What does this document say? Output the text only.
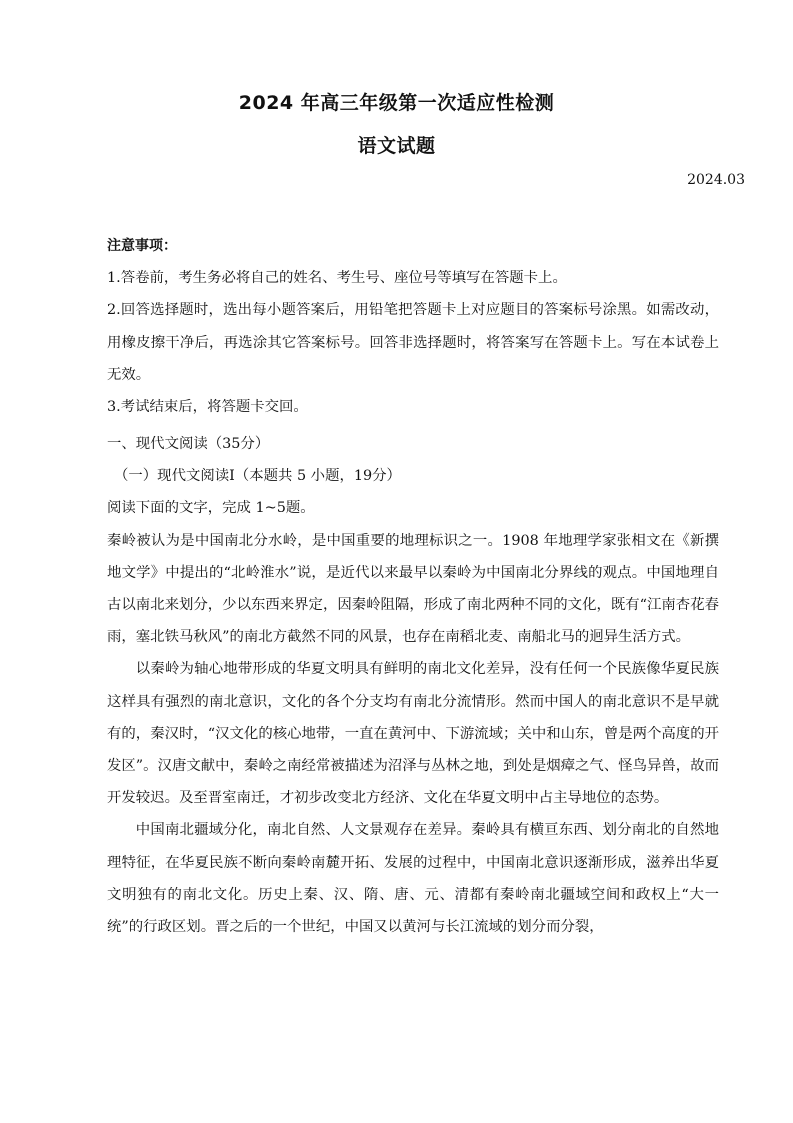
2024 年高三年级第一次适应性检测
语文试题
2024.03

注意事项：

1.答卷前，考生务必将自己的姓名、考生号、座位号等填写在答题卡上。

2.回答选择题时，选出每小题答案后，用铅笔把答题卡上对应题目的答案标号涂黑。如需改动，用橡皮擦干净后，再选涂其它答案标号。回答非选择题时，将答案写在答题卡上。写在本试卷上无效。

3.考试结束后，将答题卡交回。

一、现代文阅读（35分）

（一）现代文阅读Ⅰ（本题共 5 小题，19分）

阅读下面的文字，完成 1~5题。

秦岭被认为是中国南北分水岭，是中国重要的地理标识之一。1908 年地理学家张相文在《新撰地文学》中提出的“北岭淮水”说，是近代以来最早以秦岭为中国南北分界线的观点。中国地理自古以南北来划分，少以东西来界定，因秦岭阻隔，形成了南北两种不同的文化，既有“江南杏花春雨，塞北铁马秋风”的南北方截然不同的风景，也存在南稻北麦、南船北马的迥异生活方式。

以秦岭为轴心地带形成的华夏文明具有鲜明的南北文化差异，没有任何一个民族像华夏民族这样具有强烈的南北意识，文化的各个分支均有南北分流情形。然而中国人的南北意识不是早就有的，秦汉时，“汉文化的核心地带，一直在黄河中、下游流域；关中和山东，曾是两个高度的开发区”。汉唐文献中，秦岭之南经常被描述为沼泽与丛林之地，到处是烟瘴之气、怪鸟异兽，故而开发较迟。及至晋室南迁，才初步改变北方经济、文化在华夏文明中占主导地位的态势。

中国南北疆域分化，南北自然、人文景观存在差异。秦岭具有横亘东西、划分南北的自然地理特征，在华夏民族不断向秦岭南麓开拓、发展的过程中，中国南北意识逐渐形成，滋养出华夏文明独有的南北文化。历史上秦、汉、隋、唐、元、清都有秦岭南北疆域空间和政权上“大一统”的行政区划。晋之后的一个世纪，中国又以黄河与长江流域的划分而分裂，
